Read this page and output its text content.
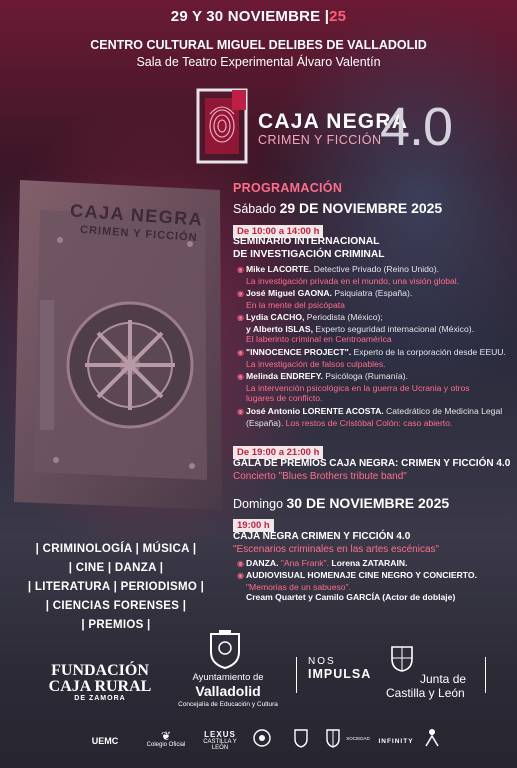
29 Y 30 NOVIEMBRE |25
CENTRO CULTURAL MIGUEL DELIBES DE VALLADOLID
Sala de Teatro Experimental Álvaro Valentín
CAJA NEGRA
CRIMEN Y FICCIÓN
4.0
CAJA NEGRA
CRIMEN Y FICCIÓN
PROGRAMACIÓN
Sábado 29 DE NOVIEMBRE 2025
De 10:00 a 14:00 h
SEMINARIO INTERNACIONAL
DE INVESTIGACIÓN CRIMINAL
◉ Mike LACORTE. Detective Privado (Reino Unido).
La investigación privada en el mundo, una visión global.
◉ José Miguel GAONA. Psiquiatra (España).
En la mente del psicópata
◉ Lydia CACHO, Periodista (México);
y Alberto ISLAS, Experto seguridad internacional (México).
El laberinto criminal en Centroamérica
◉ "INNOCENCE PROJECT". Experto de la corporación desde EEUU.
La investigación de falsos culpables.
◉ Melinda ENDREFY. Psicóloga (Rumanía).
La intervención psicológica en la guerra de Ucrania y otros
lugares de conflicto.
◉ José Antonio LORENTE ACOSTA. Catedrático de Medicina Legal
(España). Los restos de Cristóbal Colón: caso abierto.
De 19:00 a 21:00 h
GALA DE PREMIOS CAJA NEGRA: CRIMEN Y FICCIÓN 4.0
Concierto "Blues Brothers tribute band"
Domingo 30 DE NOVIEMBRE 2025
19:00 h
CAJA NEGRA CRIMEN Y FICCIÓN 4.0
"Escenarios criminales en las artes escénicas"
◉ DANZA. "Ana Frank". Lorena ZATARAIN.
◉ AUDIOVISUAL HOMENAJE CINE NEGRO Y CONCIERTO.
"Memorias de un sabueso".
Cream Quartet y Camilo GARCÍA (Actor de doblaje)
| CRIMINOLOGÍA | MÚSICA |
| CINE | DANZA |
| LITERATURA | PERIODISMO |
| CIENCIAS FORENSES |
| PREMIOS |
FUNDACIÓN
CAJA RURAL
DE ZAMORA
Ayuntamiento de
Valladolid
Concejalía de Educación y Cultura
NOS
IMPULSA	Junta de
Castilla y León
UEMC	❦
Colegio Oficial
LEXUS
CASTILLA Y LEÓN
SOCIEDAD	INFINITY
